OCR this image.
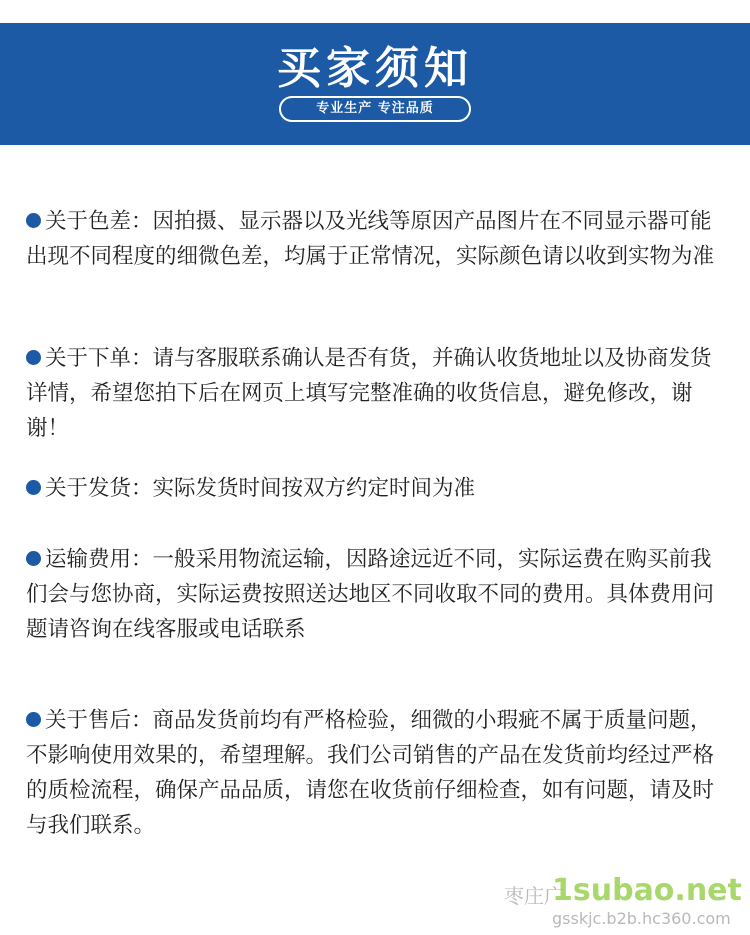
买家须知
专业生产 专注品质

关于色差：因拍摄、显示器以及光线等原因产品图片在不同显示器可能出现不同程度的细微色差，均属于正常情况，实际颜色请以收到实物为准

关于下单：请与客服联系确认是否有货，并确认收货地址以及协商发货详情，希望您拍下后在网页上填写完整准确的收货信息，避免修改，谢谢！

关于发货：实际发货时间按双方约定时间为准

运输费用：一般采用物流运输，因路途远近不同，实际运费在购买前我们会与您协商，实际运费按照送达地区不同收取不同的费用。具体费用问题请咨询在线客服或电话联系

关于售后：商品发货前均有严格检验，细微的小瑕疵不属于质量问题，不影响使用效果的，希望理解。我们公司销售的产品在发货前均经过严格的质检流程，确保产品品质，请您在收货前仔细检查，如有问题，请及时与我们联系。

枣庄广
1subao.net
gsskjc.b2b.hc360.com
